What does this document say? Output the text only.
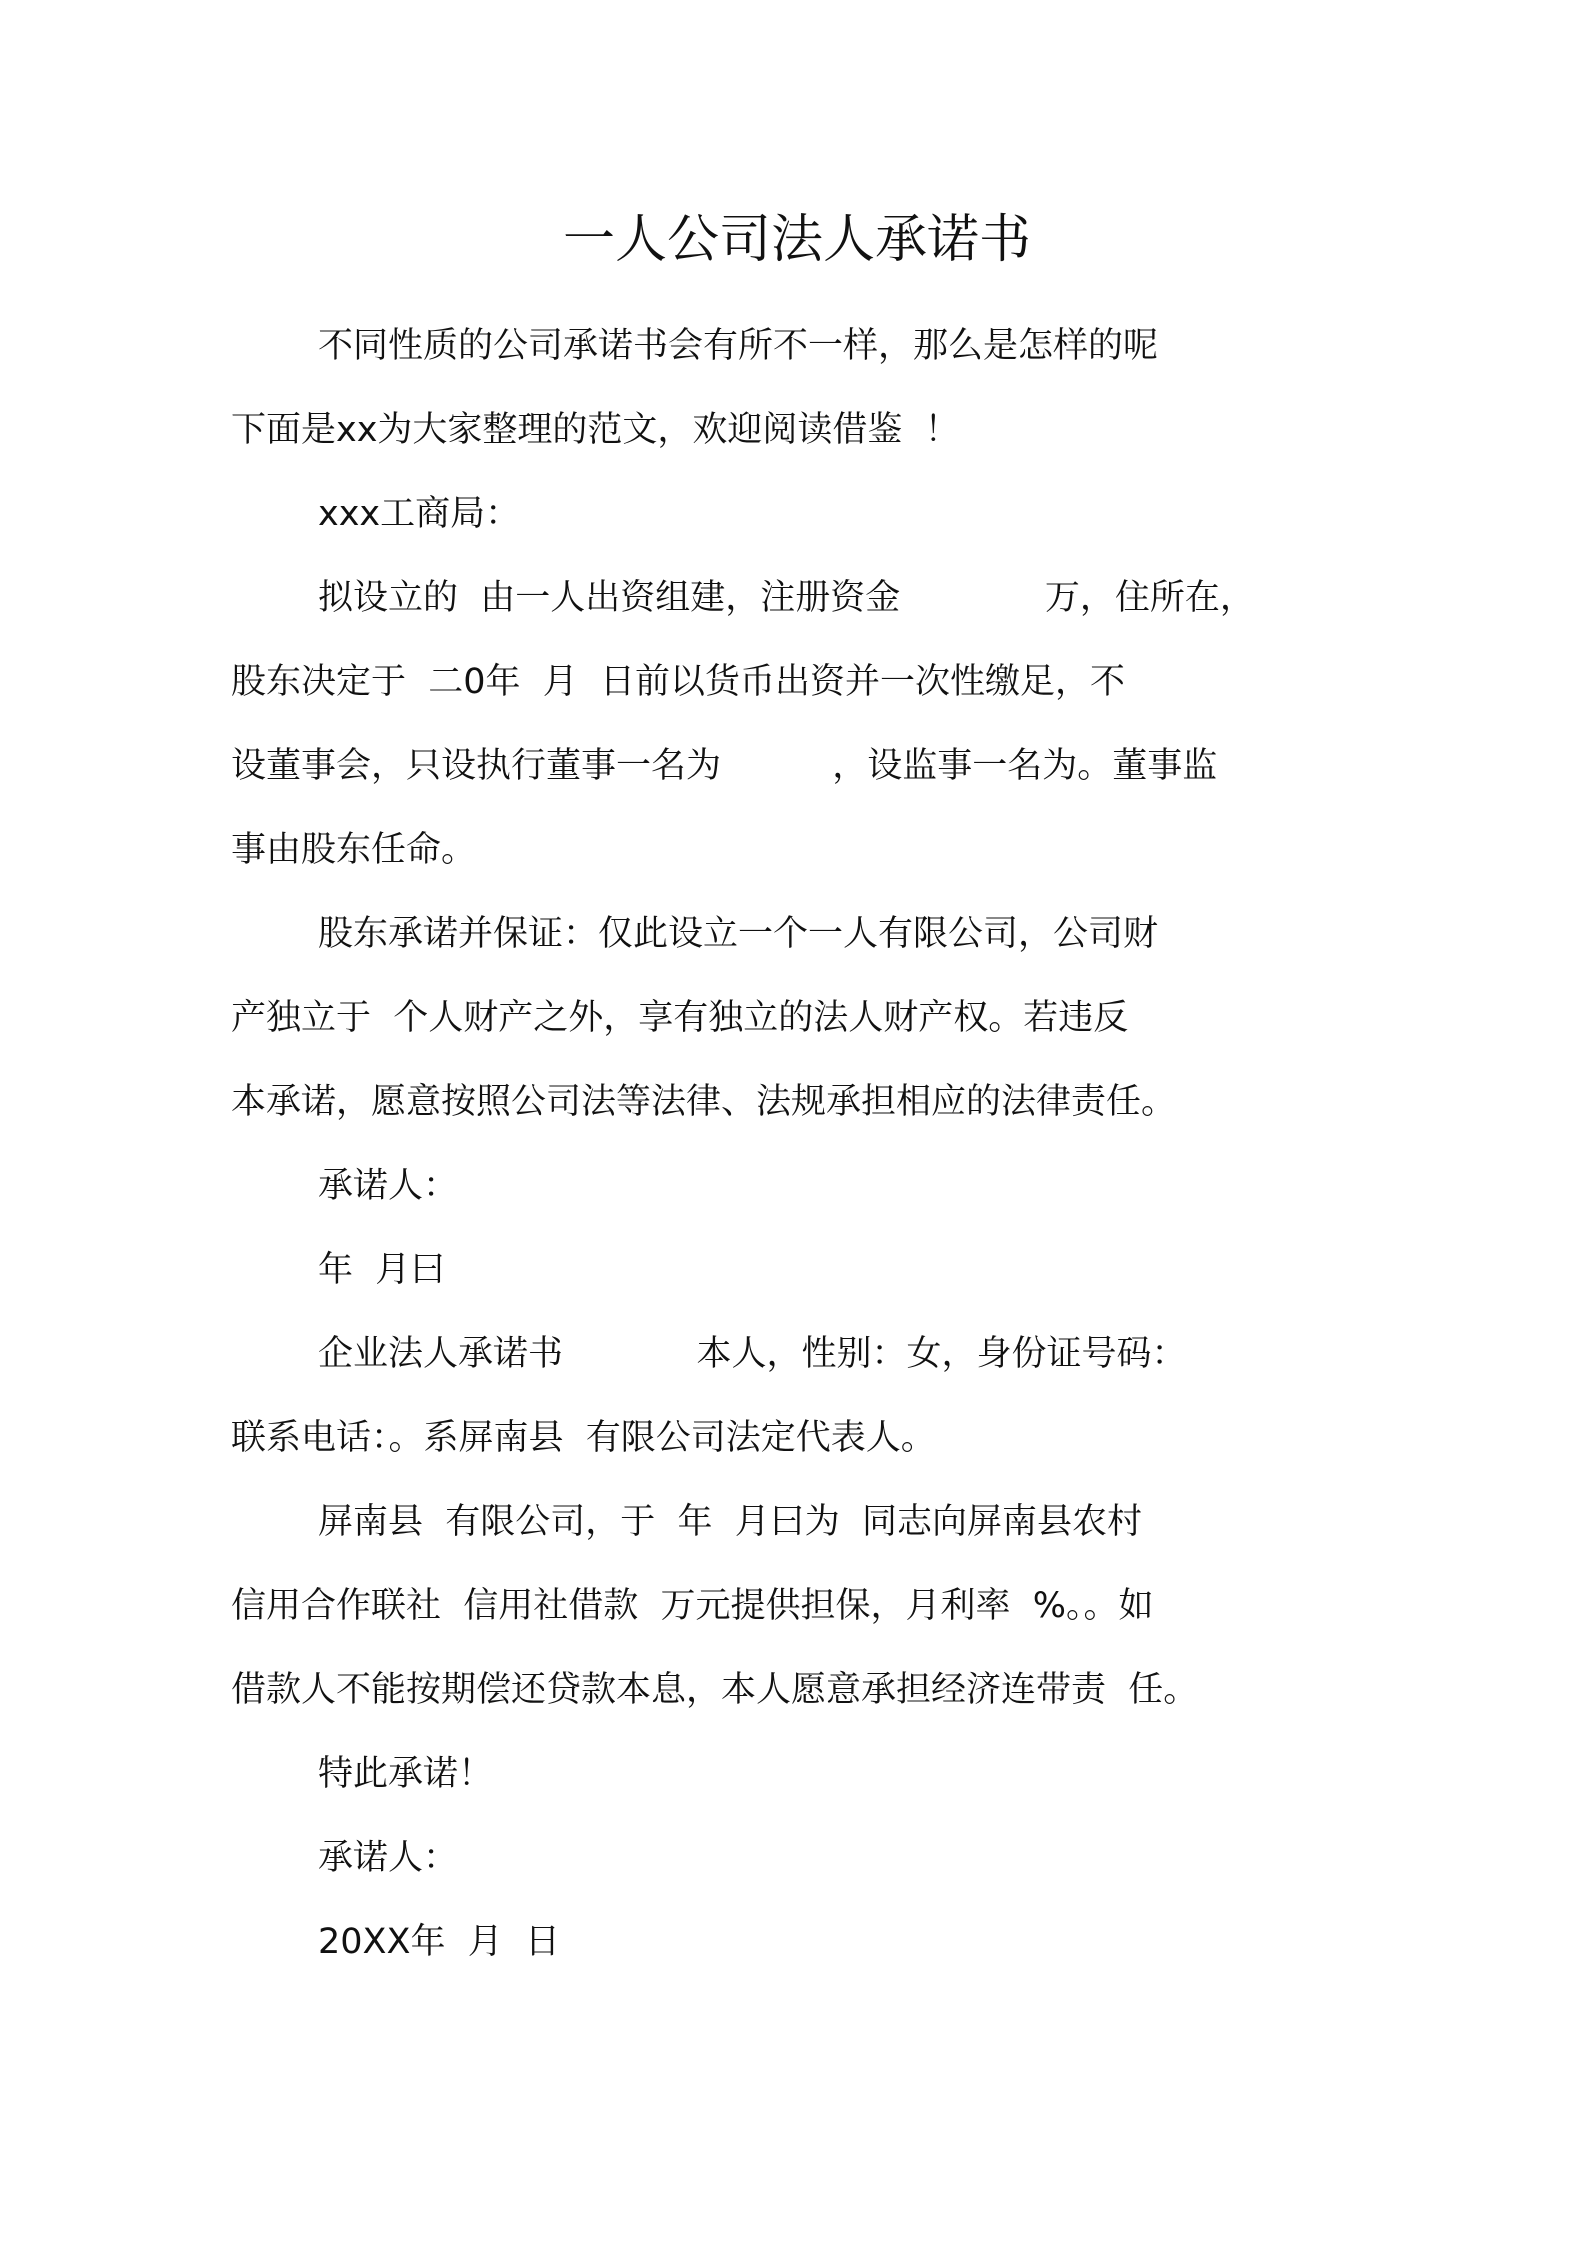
一人公司法人承诺书
不同性质的公司承诺书会有所不一样，那么是怎样的呢
下面是xx为大家整理的范文，欢迎阅读借鉴  ！
xxx工商局：
拟设立的  由一人出资组建，注册资金             万，住所在，
股东决定于  二0年  月  日前以货币出资并一次性缴足，不
设董事会，只设执行董事一名为          ，设监事一名为。董事监
事由股东任命。
股东承诺并保证：仅此设立一个一人有限公司，公司财
产独立于  个人财产之外，享有独立的法人财产权。若违反
本承诺，愿意按照公司法等法律、法规承担相应的法律责任。
承诺人：
年  月曰
企业法人承诺书            本人，性别：女，身份证号码：
联系电话：。系屏南县  有限公司法定代表人。
屏南县  有限公司，于  年  月曰为  同志向屏南县农村
信用合作联社  信用社借款  万元提供担保，月利率  %。。如
借款人不能按期偿还贷款本息，本人愿意承担经济连带责  任。
特此承诺！
承诺人：
20XX年  月  日
